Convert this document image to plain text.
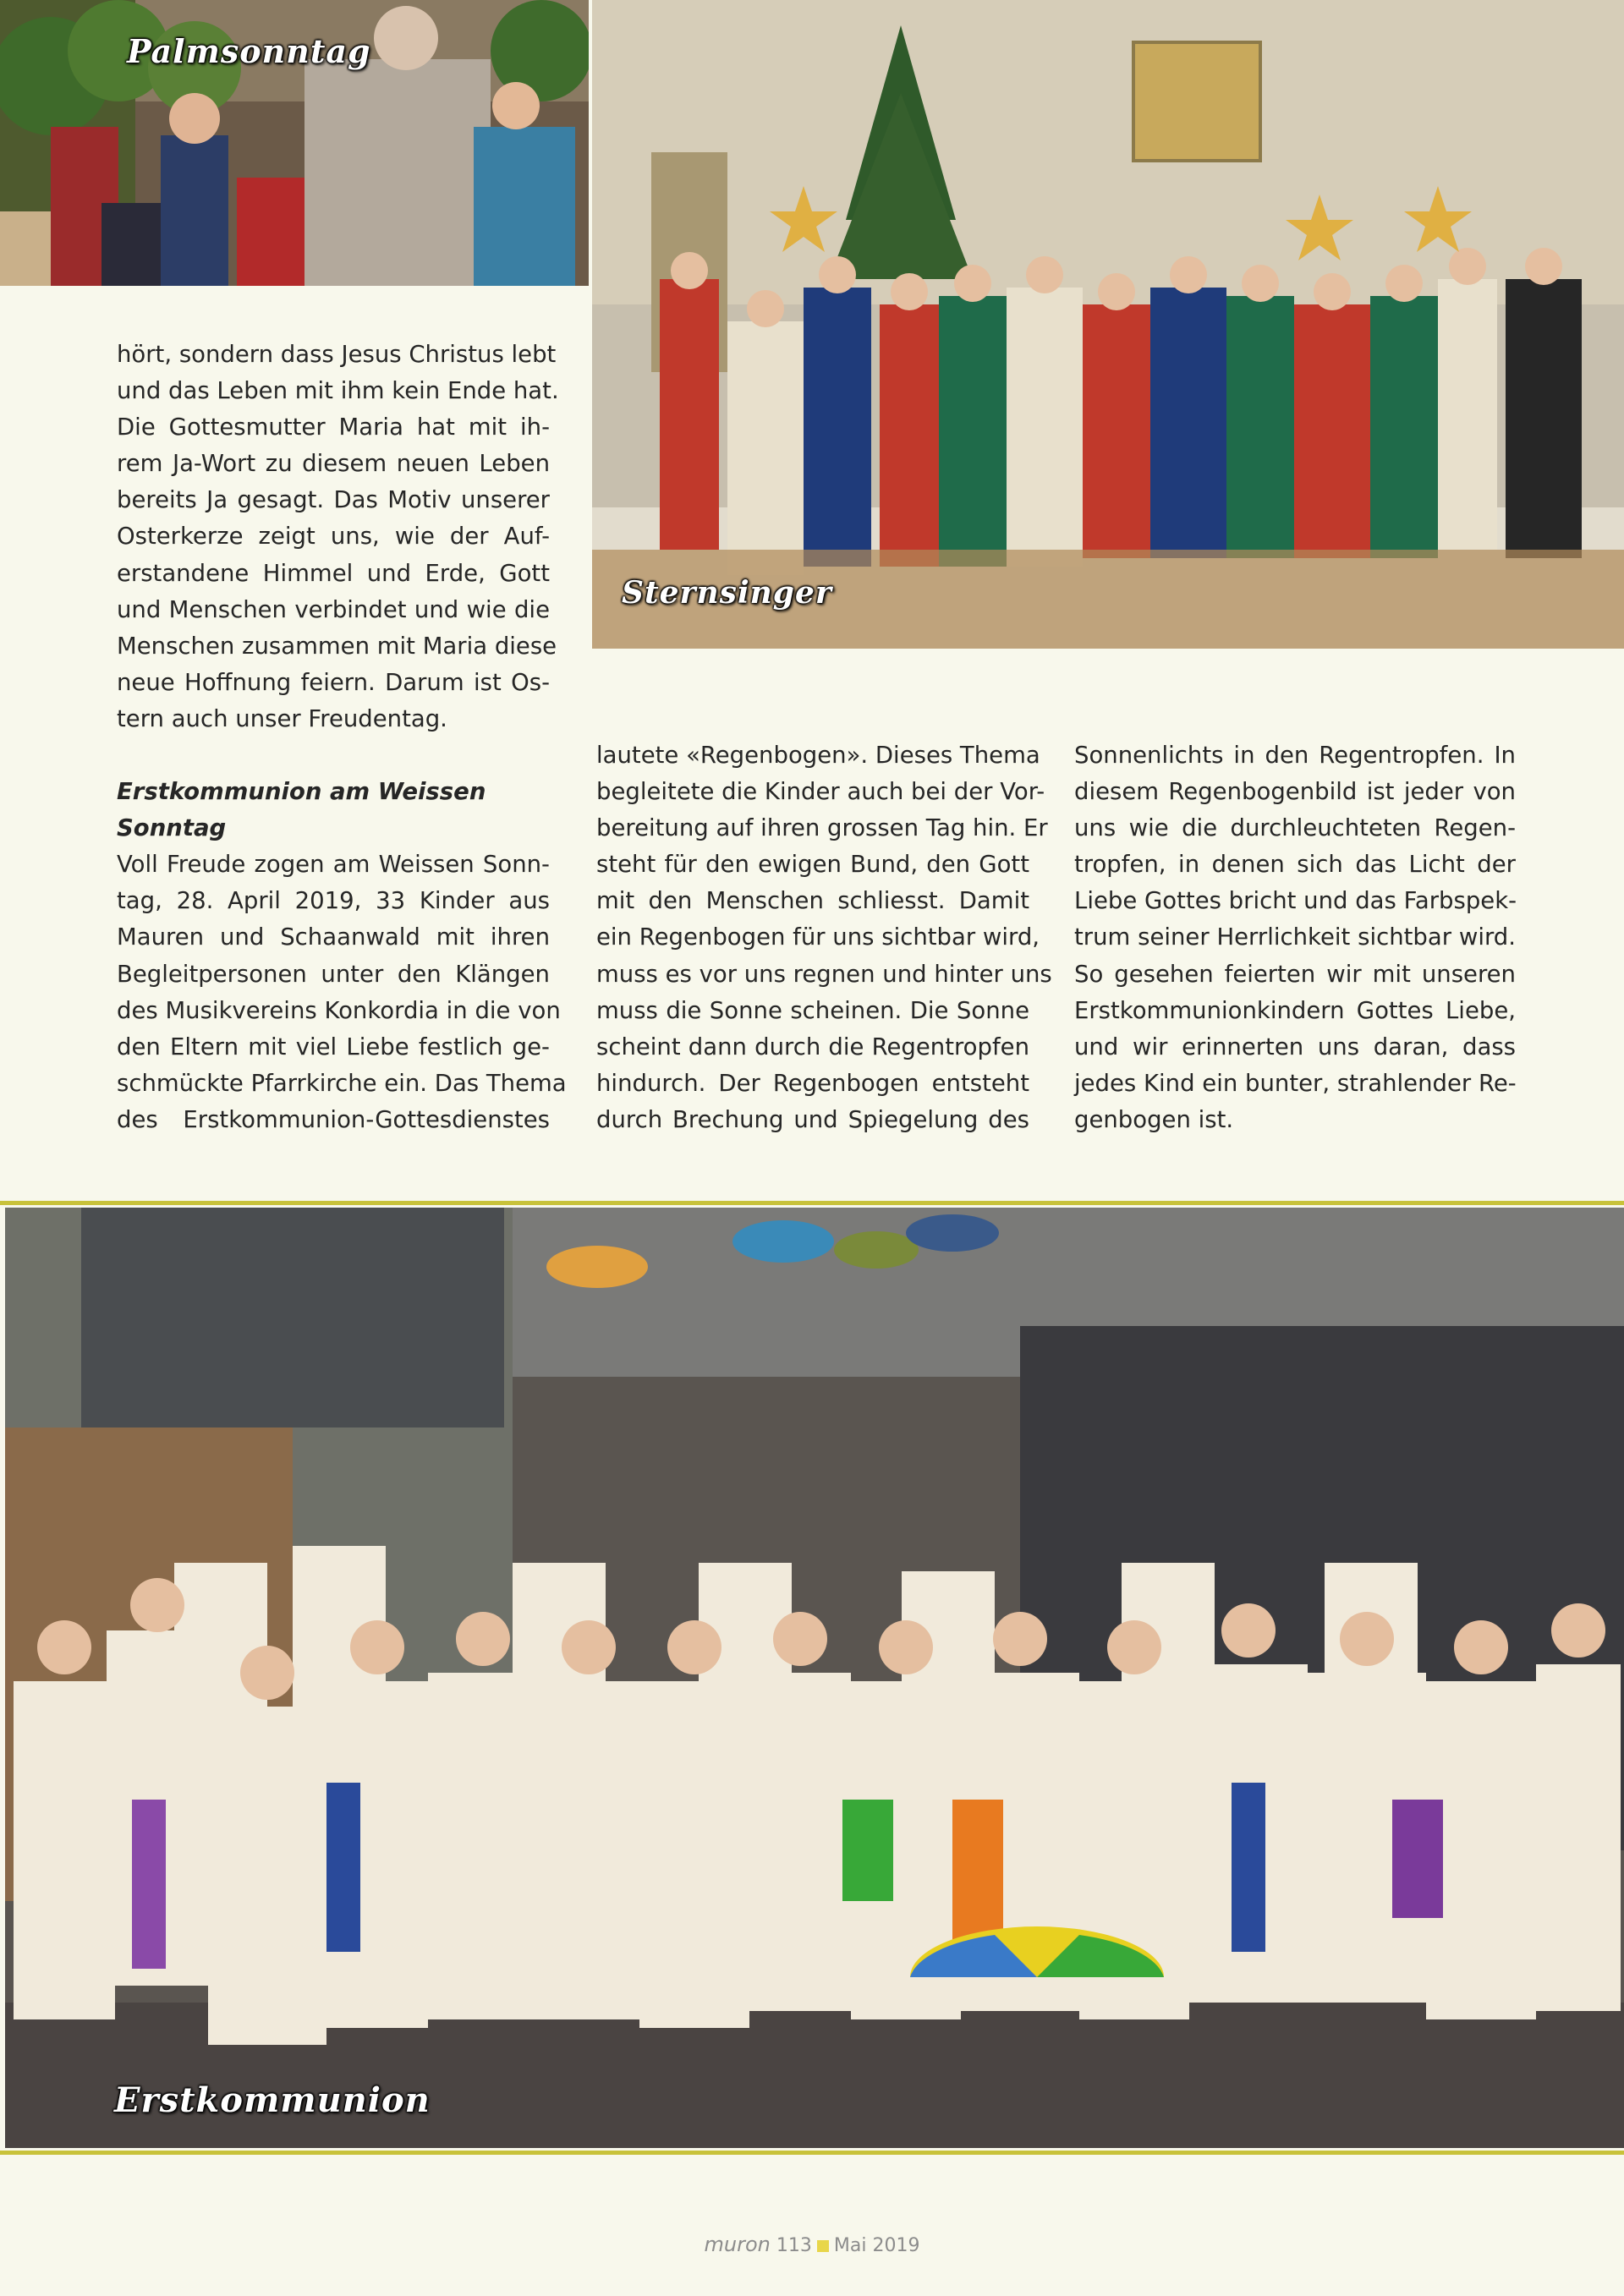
Palmsonntag
Sternsinger
hört, sondern dass Jesus Christus lebt
und das Leben mit ihm kein Ende hat.
Die Gottesmutter Maria hat mit ih-
rem Ja-Wort zu diesem neuen Leben
bereits Ja gesagt. Das Motiv unserer
Osterkerze zeigt uns, wie der Auf-
erstandene Himmel und Erde, Gott
und Menschen verbindet und wie die
Menschen zusammen mit Maria diese
neue Hoffnung feiern. Darum ist Os-
tern auch unser Freudentag.
Erstkommunion am Weissen
Sonntag
Voll Freude zogen am Weissen Sonn-
tag, 28. April 2019, 33 Kinder aus
Mauren und Schaanwald mit ihren
Begleitpersonen unter den Klängen
des Musikvereins Konkordia in die von
den Eltern mit viel Liebe festlich ge-
schmückte Pfarrkirche ein. Das Thema
des Erstkommunion-Gottesdienstes
lautete «Regenbogen». Dieses Thema
begleitete die Kinder auch bei der Vor-
bereitung auf ihren grossen Tag hin. Er
steht für den ewigen Bund, den Gott
mit den Menschen schliesst. Damit
ein Regenbogen für uns sichtbar wird,
muss es vor uns regnen und hinter uns
muss die Sonne scheinen. Die Sonne
scheint dann durch die Regentropfen
hindurch. Der Regenbogen entsteht
durch Brechung und Spiegelung des
Sonnenlichts in den Regentropfen. In
diesem Regenbogenbild ist jeder von
uns wie die durchleuchteten Regen-
tropfen, in denen sich das Licht der
Liebe Gottes bricht und das Farbspek-
trum seiner Herrlichkeit sichtbar wird.
So gesehen feierten wir mit unseren
Erstkommunionkindern Gottes Liebe,
und wir erinnerten uns daran, dass
jedes Kind ein bunter, strahlender Re-
genbogen ist.
Erstkommunion
muron 113 Mai 2019
